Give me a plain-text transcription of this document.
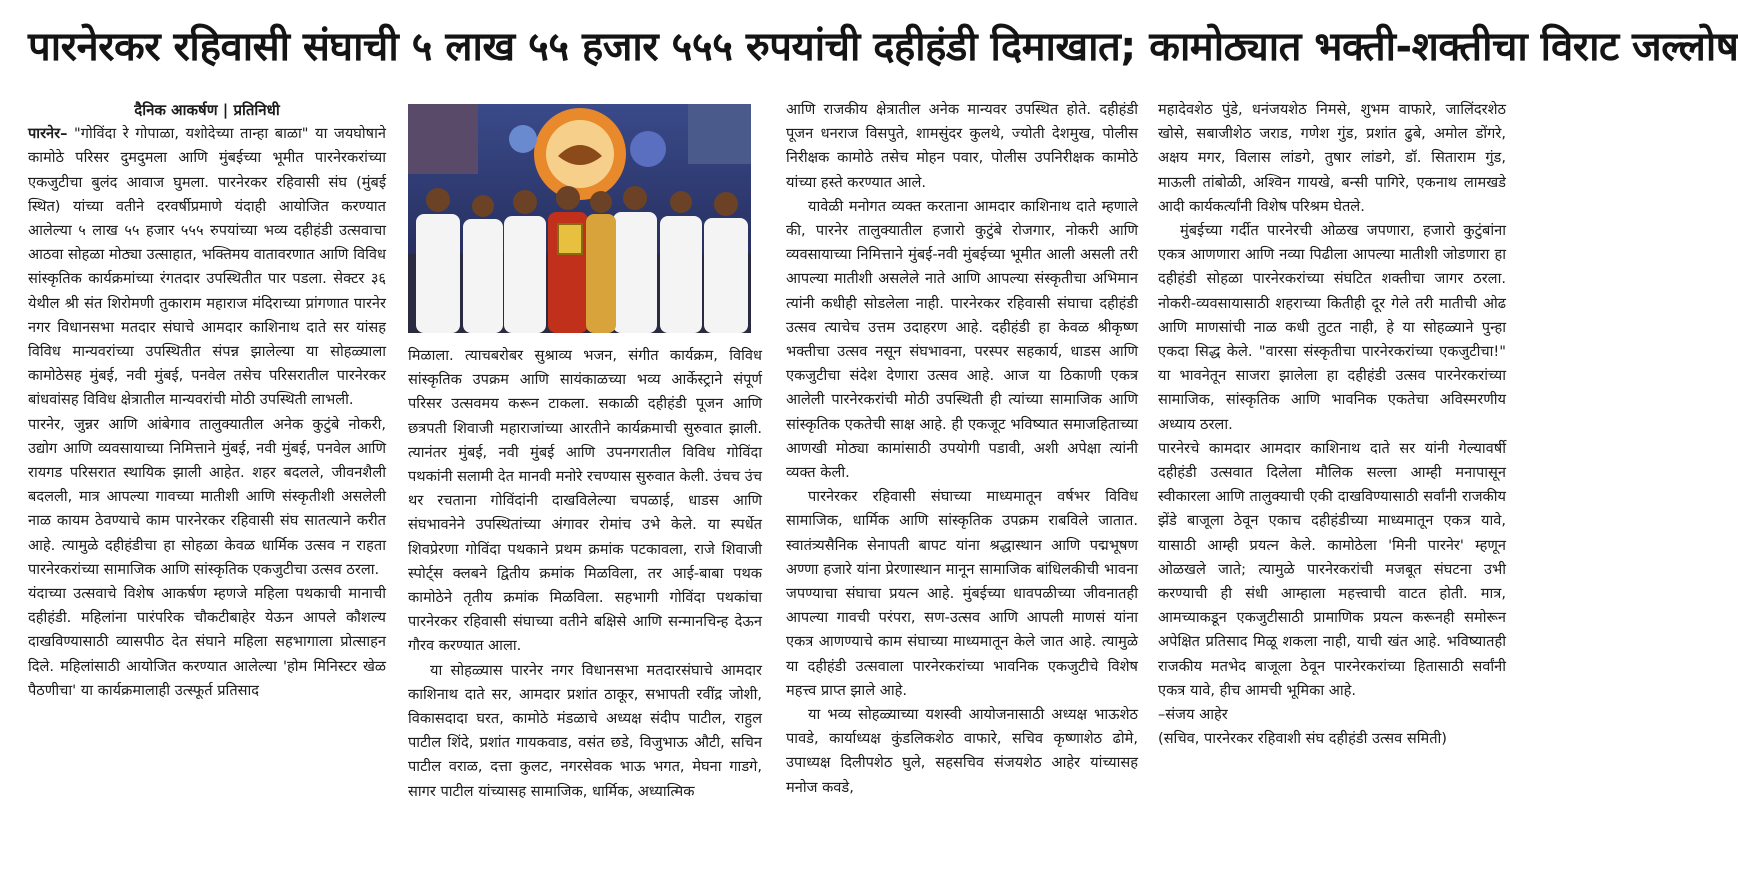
पारनेरकर रहिवासी संघाची ५ लाख ५५ हजार ५५५ रुपयांची दहीहंडी दिमाखात; कामोठ्यात भक्ती-शक्तीचा विराट जल्लोष

दैनिक आकर्षण | प्रतिनिधी

पारनेर– "गोविंदा रे गोपाळा, यशोदेच्या तान्हा बाळा" या जयघोषाने कामोठे परिसर दुमदुमला आणि मुंबईच्या भूमीत पारनेरकरांच्या एकजुटीचा बुलंद आवाज घुमला. पारनेरकर रहिवासी संघ (मुंबई स्थित) यांच्या वतीने दरवर्षीप्रमाणे यंदाही आयोजित करण्यात आलेल्या ५ लाख ५५ हजार ५५५ रुपयांच्या भव्य दहीहंडी उत्सवाचा आठवा सोहळा मोठ्या उत्साहात, भक्तिमय वातावरणात आणि विविध सांस्कृतिक कार्यक्रमांच्या रंगतदार उपस्थितीत पार पडला. सेक्टर ३६ येथील श्री संत शिरोमणी तुकाराम महाराज मंदिराच्या प्रांगणात पारनेर नगर विधानसभा मतदार संघाचे आमदार काशिनाथ दाते सर यांसह विविध मान्यवरांच्या उपस्थितीत संपन्न झालेल्या या सोहळ्याला कामोठेसह मुंबई, नवी मुंबई, पनवेल तसेच परिसरातील पारनेरकर बांधवांसह विविध क्षेत्रातील मान्यवरांची मोठी उपस्थिती लाभली.

पारनेर, जुन्नर आणि आंबेगाव तालुक्यातील अनेक कुटुंबे नोकरी, उद्योग आणि व्यवसायाच्या निमित्ताने मुंबई, नवी मुंबई, पनवेल आणि रायगड परिसरात स्थायिक झाली आहेत. शहर बदलले, जीवनशैली बदलली, मात्र आपल्या गावच्या मातीशी आणि संस्कृतीशी असलेली नाळ कायम ठेवण्याचे काम पारनेरकर रहिवासी संघ सातत्याने करीत आहे. त्यामुळे दहीहंडीचा हा सोहळा केवळ धार्मिक उत्सव न राहता पारनेरकरांच्या सामाजिक आणि सांस्कृतिक एकजुटीचा उत्सव ठरला.

यंदाच्या उत्सवाचे विशेष आकर्षण म्हणजे महिला पथकाची मानाची दहीहंडी. महिलांना पारंपरिक चौकटीबाहेर येऊन आपले कौशल्य दाखविण्यासाठी व्यासपीठ देत संघाने महिला सहभागाला प्रोत्साहन दिले. महिलांसाठी आयोजित करण्यात आलेल्या 'होम मिनिस्टर खेळ पैठणीचा' या कार्यक्रमालाही उत्स्फूर्त प्रतिसाद

मिळाला. त्याचबरोबर सुश्राव्य भजन, संगीत कार्यक्रम, विविध सांस्कृतिक उपक्रम आणि सायंकाळच्या भव्य आर्केस्ट्राने संपूर्ण परिसर उत्सवमय करून टाकला. सकाळी दहीहंडी पूजन आणि छत्रपती शिवाजी महाराजांच्या आरतीने कार्यक्रमाची सुरुवात झाली. त्यानंतर मुंबई, नवी मुंबई आणि उपनगरातील विविध गोविंदा पथकांनी सलामी देत मानवी मनोरे रचण्यास सुरुवात केली. उंचच उंच थर रचताना गोविंदांनी दाखविलेल्या चपळाई, धाडस आणि संघभावनेने उपस्थितांच्या अंगावर रोमांच उभे केले. या स्पर्धेत शिवप्रेरणा गोविंदा पथकाने प्रथम क्रमांक पटकावला, राजे शिवाजी स्पोर्ट्स क्लबने द्वितीय क्रमांक मिळविला, तर आई-बाबा पथक कामोठेने तृतीय क्रमांक मिळविला. सहभागी गोविंदा पथकांचा पारनेरकर रहिवासी संघाच्या वतीने बक्षिसे आणि सन्मानचिन्ह देऊन गौरव करण्यात आला.

या सोहळ्यास पारनेर नगर विधानसभा मतदारसंघाचे आमदार काशिनाथ दाते सर, आमदार प्रशांत ठाकूर, सभापती रवींद्र जोशी, विकासदादा घरत, कामोठे मंडळाचे अध्यक्ष संदीप पाटील, राहुल पाटील शिंदे, प्रशांत गायकवाड, वसंत छडे, विजुभाऊ औटी, सचिन पाटील वराळ, दत्ता कुलट, नगरसेवक भाऊ भगत, मेघना गाडगे, सागर पाटील यांच्यासह सामाजिक, धार्मिक, अध्यात्मिक

आणि राजकीय क्षेत्रातील अनेक मान्यवर उपस्थित होते. दहीहंडी पूजन धनराज विसपुते, शामसुंदर कुलथे, ज्योती देशमुख, पोलीस निरीक्षक कामोठे तसेच मोहन पवार, पोलीस उपनिरीक्षक कामोठे यांच्या हस्ते करण्यात आले.

यावेळी मनोगत व्यक्त करताना आमदार काशिनाथ दाते म्हणाले की, पारनेर तालुक्यातील हजारो कुटुंबे रोजगार, नोकरी आणि व्यवसायाच्या निमित्ताने मुंबई-नवी मुंबईच्या भूमीत आली असली तरी आपल्या मातीशी असलेले नाते आणि आपल्या संस्कृतीचा अभिमान त्यांनी कधीही सोडलेला नाही. पारनेरकर रहिवासी संघाचा दहीहंडी उत्सव त्याचेच उत्तम उदाहरण आहे. दहीहंडी हा केवळ श्रीकृष्ण भक्तीचा उत्सव नसून संघभावना, परस्पर सहकार्य, धाडस आणि एकजुटीचा संदेश देणारा उत्सव आहे. आज या ठिकाणी एकत्र आलेली पारनेरकरांची मोठी उपस्थिती ही त्यांच्या सामाजिक आणि सांस्कृतिक एकतेची साक्ष आहे. ही एकजूट भविष्यात समाजहिताच्या आणखी मोठ्या कामांसाठी उपयोगी पडावी, अशी अपेक्षा त्यांनी व्यक्त केली.

पारनेरकर रहिवासी संघाच्या माध्यमातून वर्षभर विविध सामाजिक, धार्मिक आणि सांस्कृतिक उपक्रम राबविले जातात. स्वातंत्र्यसैनिक सेनापती बापट यांना श्रद्धास्थान आणि पद्मभूषण अण्णा हजारे यांना प्रेरणास्थान मानून सामाजिक बांधिलकीची भावना जपण्याचा संघाचा प्रयत्न आहे. मुंबईच्या धावपळीच्या जीवनातही आपल्या गावची परंपरा, सण-उत्सव आणि आपली माणसं यांना एकत्र आणण्याचे काम संघाच्या माध्यमातून केले जात आहे. त्यामुळे या दहीहंडी उत्सवाला पारनेरकरांच्या भावनिक एकजुटीचे विशेष महत्त्व प्राप्त झाले आहे.

या भव्य सोहळ्याच्या यशस्वी आयोजनासाठी अध्यक्ष भाऊशेठ पावडे, कार्याध्यक्ष कुंडलिकशेठ वाफारे, सचिव कृष्णाशेठ ढोमे, उपाध्यक्ष दिलीपशेठ घुले, सहसचिव संजयशेठ आहेर यांच्यासह मनोज कवडे,

महादेवशेठ पुंडे, धनंजयशेठ निमसे, शुभम वाफारे, जालिंदरशेठ खोसे, सबाजीशेठ जराड, गणेश गुंड, प्रशांत ढुबे, अमोल डोंगरे, अक्षय मगर, विलास लांडगे, तुषार लांडगे, डॉ. सिताराम गुंड, माऊली तांबोळी, अश्विन गायखे, बन्सी पागिरे, एकनाथ लामखडे आदी कार्यकर्त्यांनी विशेष परिश्रम घेतले.

मुंबईच्या गर्दीत पारनेरची ओळख जपणारा, हजारो कुटुंबांना एकत्र आणणारा आणि नव्या पिढीला आपल्या मातीशी जोडणारा हा दहीहंडी सोहळा पारनेरकरांच्या संघटित शक्तीचा जागर ठरला. नोकरी-व्यवसायासाठी शहराच्या कितीही दूर गेले तरी मातीची ओढ आणि माणसांची नाळ कधी तुटत नाही, हे या सोहळ्याने पुन्हा एकदा सिद्ध केले. "वारसा संस्कृतीचा पारनेरकरांच्या एकजुटीचा!" या भावनेतून साजरा झालेला हा दहीहंडी उत्सव पारनेरकरांच्या सामाजिक, सांस्कृतिक आणि भावनिक एकतेचा अविस्मरणीय अध्याय ठरला.

पारनेरचे कामदार आमदार काशिनाथ दाते सर यांनी गेल्यावर्षी दहीहंडी उत्सवात दिलेला मौलिक सल्ला आम्ही मनापासून स्वीकारला आणि तालुक्याची एकी दाखविण्यासाठी सर्वांनी राजकीय झेंडे बाजूला ठेवून एकाच दहीहंडीच्या माध्यमातून एकत्र यावे, यासाठी आम्ही प्रयत्न केले. कामोठेला 'मिनी पारनेर' म्हणून ओळखले जाते; त्यामुळे पारनेरकरांची मजबूत संघटना उभी करण्याची ही संधी आम्हाला महत्त्वाची वाटत होती. मात्र, आमच्याकडून एकजुटीसाठी प्रामाणिक प्रयत्न करूनही समोरून अपेक्षित प्रतिसाद मिळू शकला नाही, याची खंत आहे. भविष्यातही राजकीय मतभेद बाजूला ठेवून पारनेरकरांच्या हितासाठी सर्वांनी एकत्र यावे, हीच आमची भूमिका आहे.

–संजय आहेर

(सचिव, पारनेरकर रहिवाशी संघ दहीहंडी उत्सव समिती)
